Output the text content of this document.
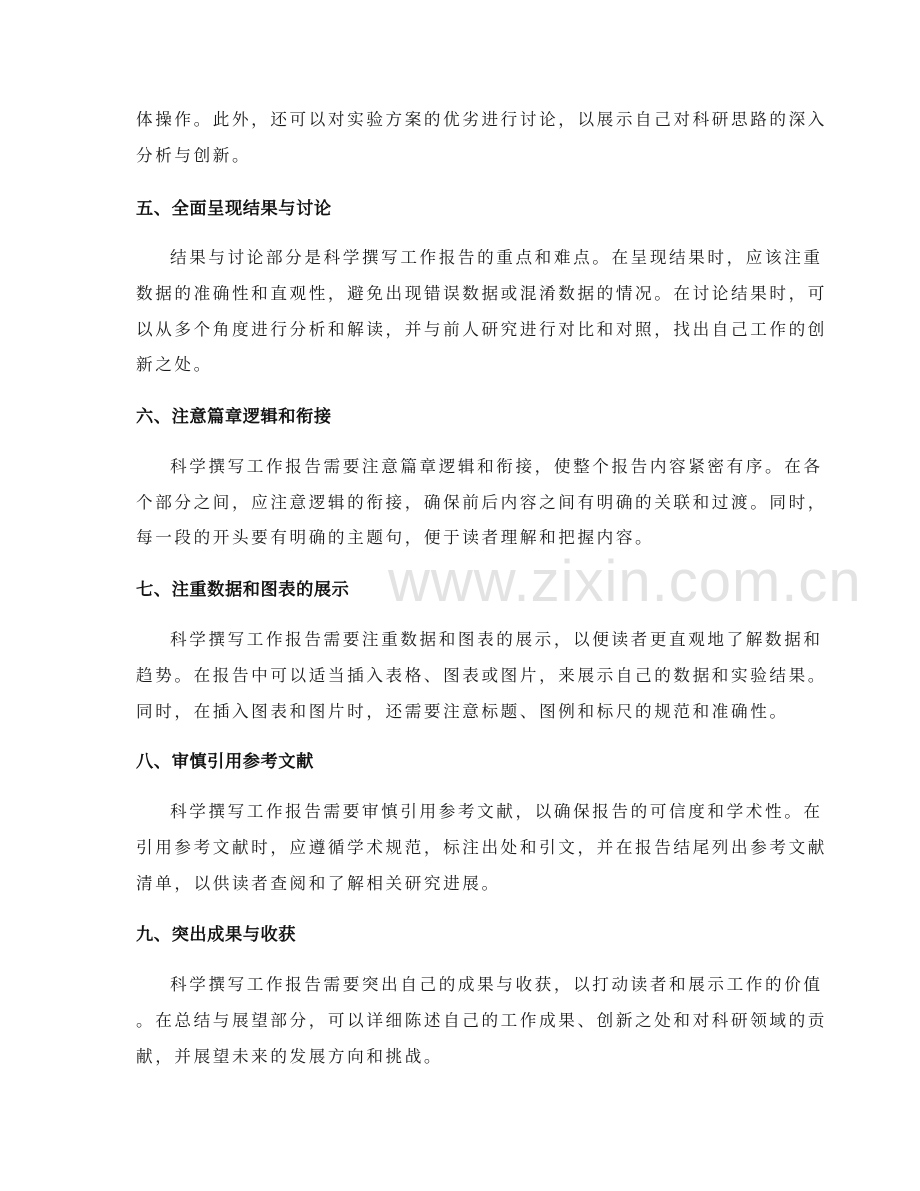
www.zixin.com.cn
体操作。此外，还可以对实验方案的优劣进行讨论，以展示自己对科研思路的深入
分析与创新。
五、全面呈现结果与讨论
结果与讨论部分是科学撰写工作报告的重点和难点。在呈现结果时，应该注重
数据的准确性和直观性，避免出现错误数据或混淆数据的情况。在讨论结果时，可
以从多个角度进行分析和解读，并与前人研究进行对比和对照，找出自己工作的创
新之处。
六、注意篇章逻辑和衔接
科学撰写工作报告需要注意篇章逻辑和衔接，使整个报告内容紧密有序。在各
个部分之间，应注意逻辑的衔接，确保前后内容之间有明确的关联和过渡。同时，
每一段的开头要有明确的主题句，便于读者理解和把握内容。
七、注重数据和图表的展示
科学撰写工作报告需要注重数据和图表的展示，以便读者更直观地了解数据和
趋势。在报告中可以适当插入表格、图表或图片，来展示自己的数据和实验结果。
同时，在插入图表和图片时，还需要注意标题、图例和标尺的规范和准确性。
八、审慎引用参考文献
科学撰写工作报告需要审慎引用参考文献，以确保报告的可信度和学术性。在
引用参考文献时，应遵循学术规范，标注出处和引文，并在报告结尾列出参考文献
清单，以供读者查阅和了解相关研究进展。
九、突出成果与收获
科学撰写工作报告需要突出自己的成果与收获，以打动读者和展示工作的价值
。在总结与展望部分，可以详细陈述自己的工作成果、创新之处和对科研领域的贡
献，并展望未来的发展方向和挑战。
